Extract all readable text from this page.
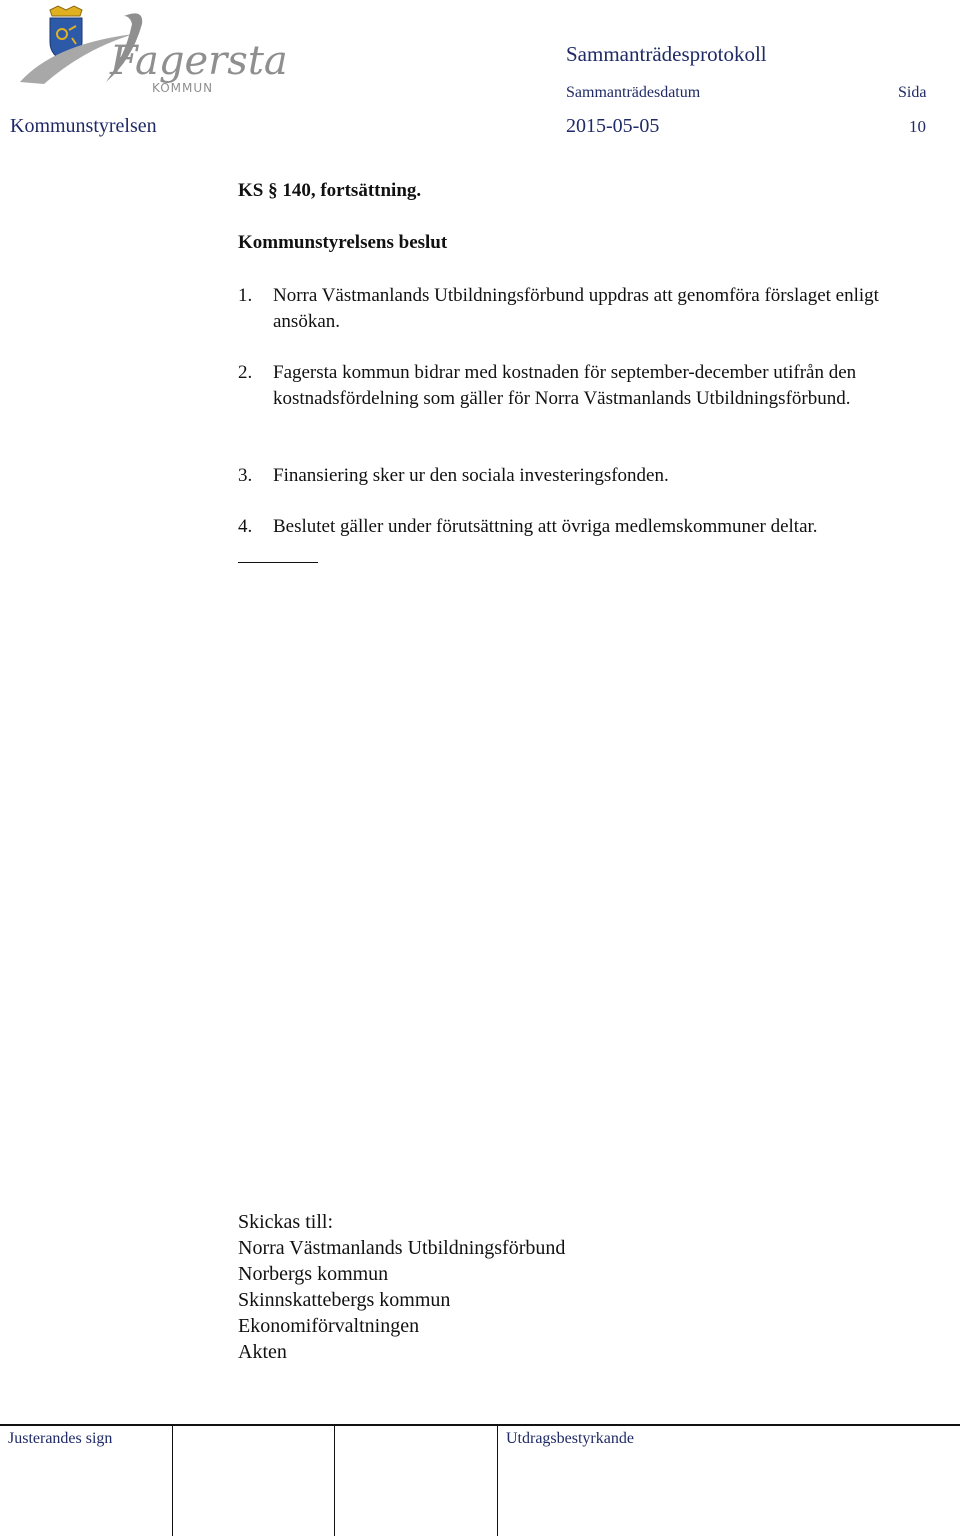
Fagersta
KOMMUN
Sammanträdesprotokoll
Sammanträdesdatum	Sida
Kommunstyrelsen	2015-05-05	10
KS § 140, fortsättning.
Kommunstyrelsens beslut
1. Norra Västmanlands Utbildningsförbund uppdras att genomföra förslaget enligt ansökan.
2. Fagersta kommun bidrar med kostnaden för september-december utifrån den kostnadsfördelning som gäller för Norra Västmanlands Utbildningsförbund.
3. Finansiering sker ur den sociala investeringsfonden.
4. Beslutet gäller under förutsättning att övriga medlemskommuner deltar.
Skickas till:
Norra Västmanlands Utbildningsförbund
Norbergs kommun
Skinnskattebergs kommun
Ekonomiförvaltningen
Akten
Justerandes sign			Utdragsbestyrkande
